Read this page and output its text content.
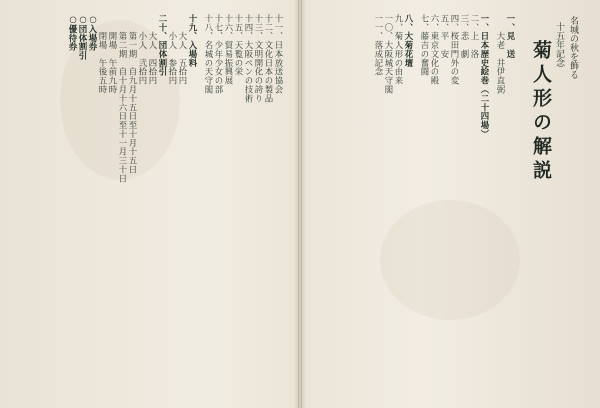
名城の秋を飾る
十五年記念
菊人形の解説
一、見　送
　　大老　井伊直弼
一、日本歴史絵巻（二十四場）
二、上　洛
三、悲　劇
四、桜田門外の変
五、平　安
六、東京文化の殿
七、藤吉の奮闘
八、大菊花壇
九、菊人形の由来
一〇、大阪城天守閣
一一、落成記念
十一、日本放送協会
十二、文化日本の製品
十三、文明開化の誇り
十四、大阪ペンの技術
十五、天覧の栄
十六、貿易振興展
十七、少年少女の部
十八、名城の天守閣
十九、入場料
　　大人　五拾円
　　小人　参拾円
二十、団体割引
　　大人　四拾円
　　小人　弐拾円
　　第一期　自九月十五日至十月十五日
　　第二期　自十月十六日至十一月三十日
　　開場　午前九時
　　閉場　午後五時
○入場券
○団体割引
○優待券
